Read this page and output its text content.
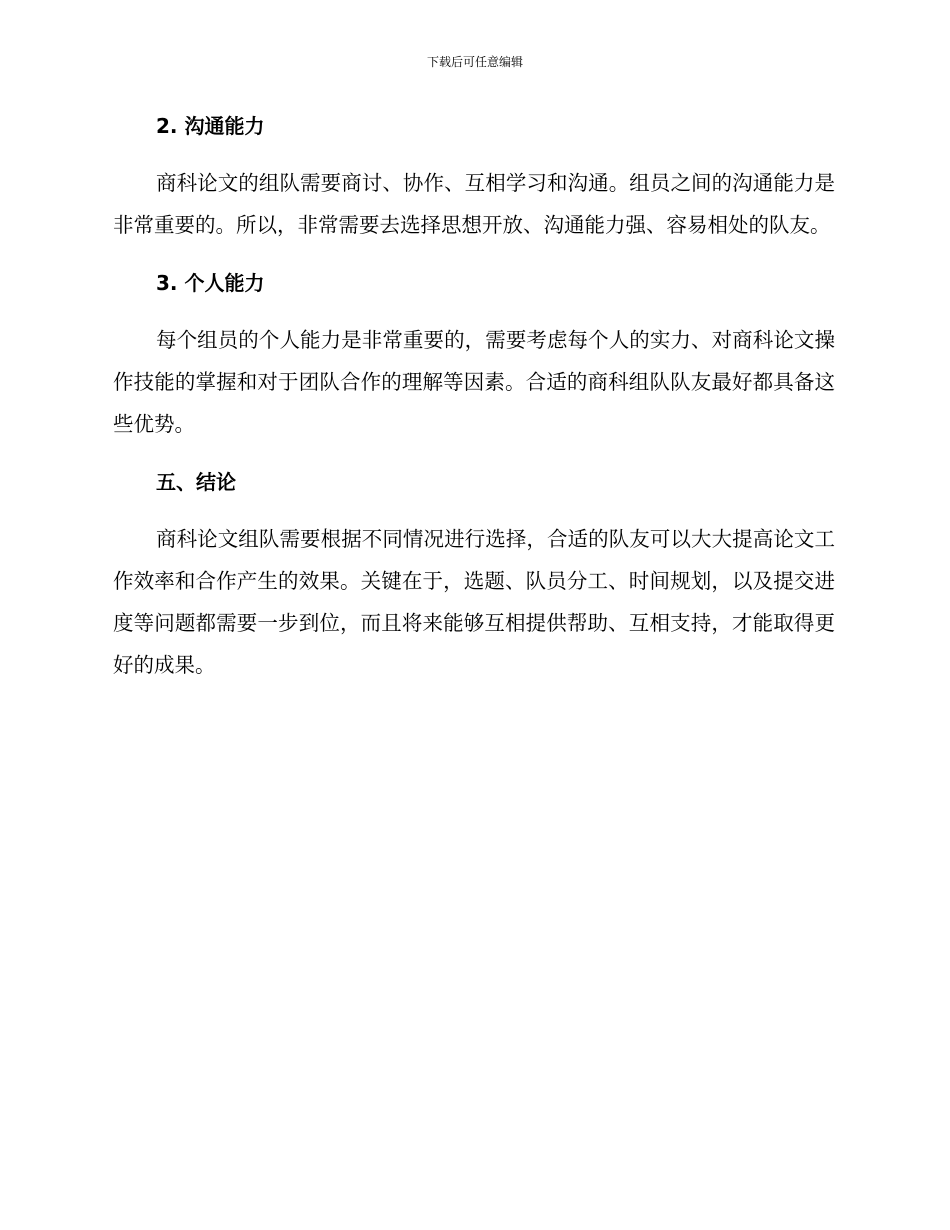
下载后可任意编辑
2. 沟通能力

商科论文的组队需要商讨、协作、互相学习和沟通。组员之间的沟通能力是非常重要的。所以，非常需要去选择思想开放、沟通能力强、容易相处的队友。

3. 个人能力

每个组员的个人能力是非常重要的，需要考虑每个人的实力、对商科论文操作技能的掌握和对于团队合作的理解等因素。合适的商科组队队友最好都具备这些优势。

五、结论

商科论文组队需要根据不同情况进行选择，合适的队友可以大大提高论文工作效率和合作产生的效果。关键在于，选题、队员分工、时间规划，以及提交进度等问题都需要一步到位，而且将来能够互相提供帮助、互相支持，才能取得更好的成果。
